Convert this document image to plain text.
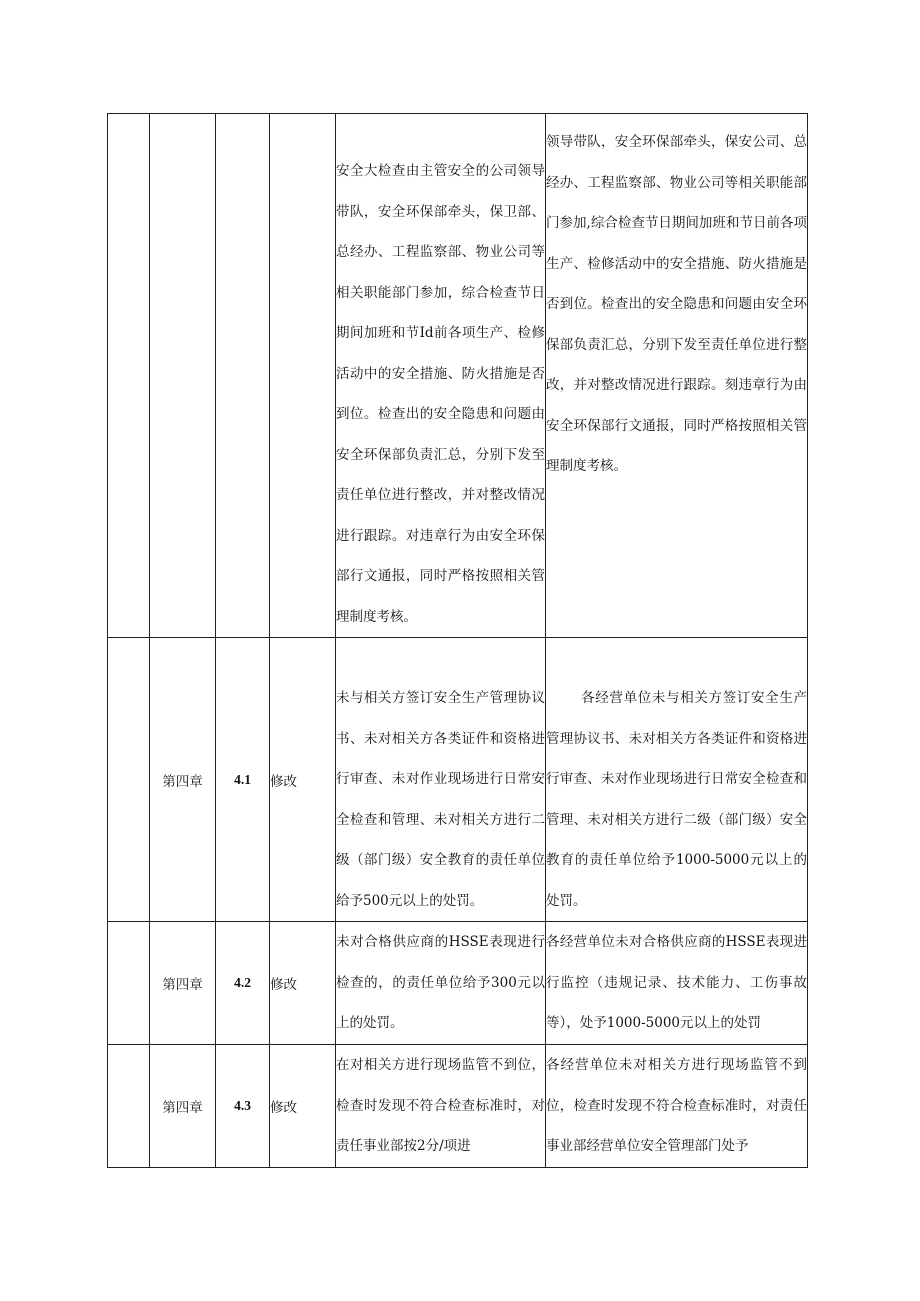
				安全大检查由主管安全的公司领导带队，安全环保部牵头，保卫部、总经办、工程监察部、物业公司等相关职能部门参加，综合检查节日期间加班和节Id前各项生产、检修活动中的安全措施、防火措施是否到位。检查出的安全隐患和问题由安全环保部负责汇总，分别下发至责任单位进行整改，并对整改情况进行跟踪。对违章行为由安全环保部行文通报，同时严格按照相关管理制度考核。	领导带队，安全环保部牵头，保安公司、总经办、工程监察部、物业公司等相关职能部门参加,综合检查节日期间加班和节日前各项生产、检修活动中的安全措施、防火措施是否到位。检查出的安全隐患和问题由安全环保部负责汇总，分别下发至责任单位进行整改，并对整改情况进行跟踪。刻违章行为由安全环保部行文通报，同时严格按照相关管理制度考核。
	第四章	4.1	修改	未与相关方签订安全生产管理协议书、未对相关方各类证件和资格进行审查、未对作业现场进行日常安全检查和管理、未对相关方进行二级（部门级）安全教育的责任单位给予500元以上的处罚。	各经营单位未与相关方签订安全生产管理协议书、未对相关方各类证件和资格进行审查、未对作业现场进行日常安全检查和管理、未对相关方进行二级（部门级）安全教育的责任单位给予1000-5000元以上的处罚。

	第四章	4.2	修改	未对合格供应商的HSSE表现进行检查的，的责任单位给予300元以上的处罚。	各经营单位未对合格供应商的HSSE表现进行监控（违规记录、技术能力、工伤事故等），处予1000-5000元以上的处罚
	第四章	4.3	修改	在对相关方进行现场监管不到位，检查时发现不符合检查标准时，对责任事业部按2分/项进	各经营单位未对相关方进行现场监管不到位，检查时发现不符合检查标准时，对责任事业部经营单位安全管理部门处予
